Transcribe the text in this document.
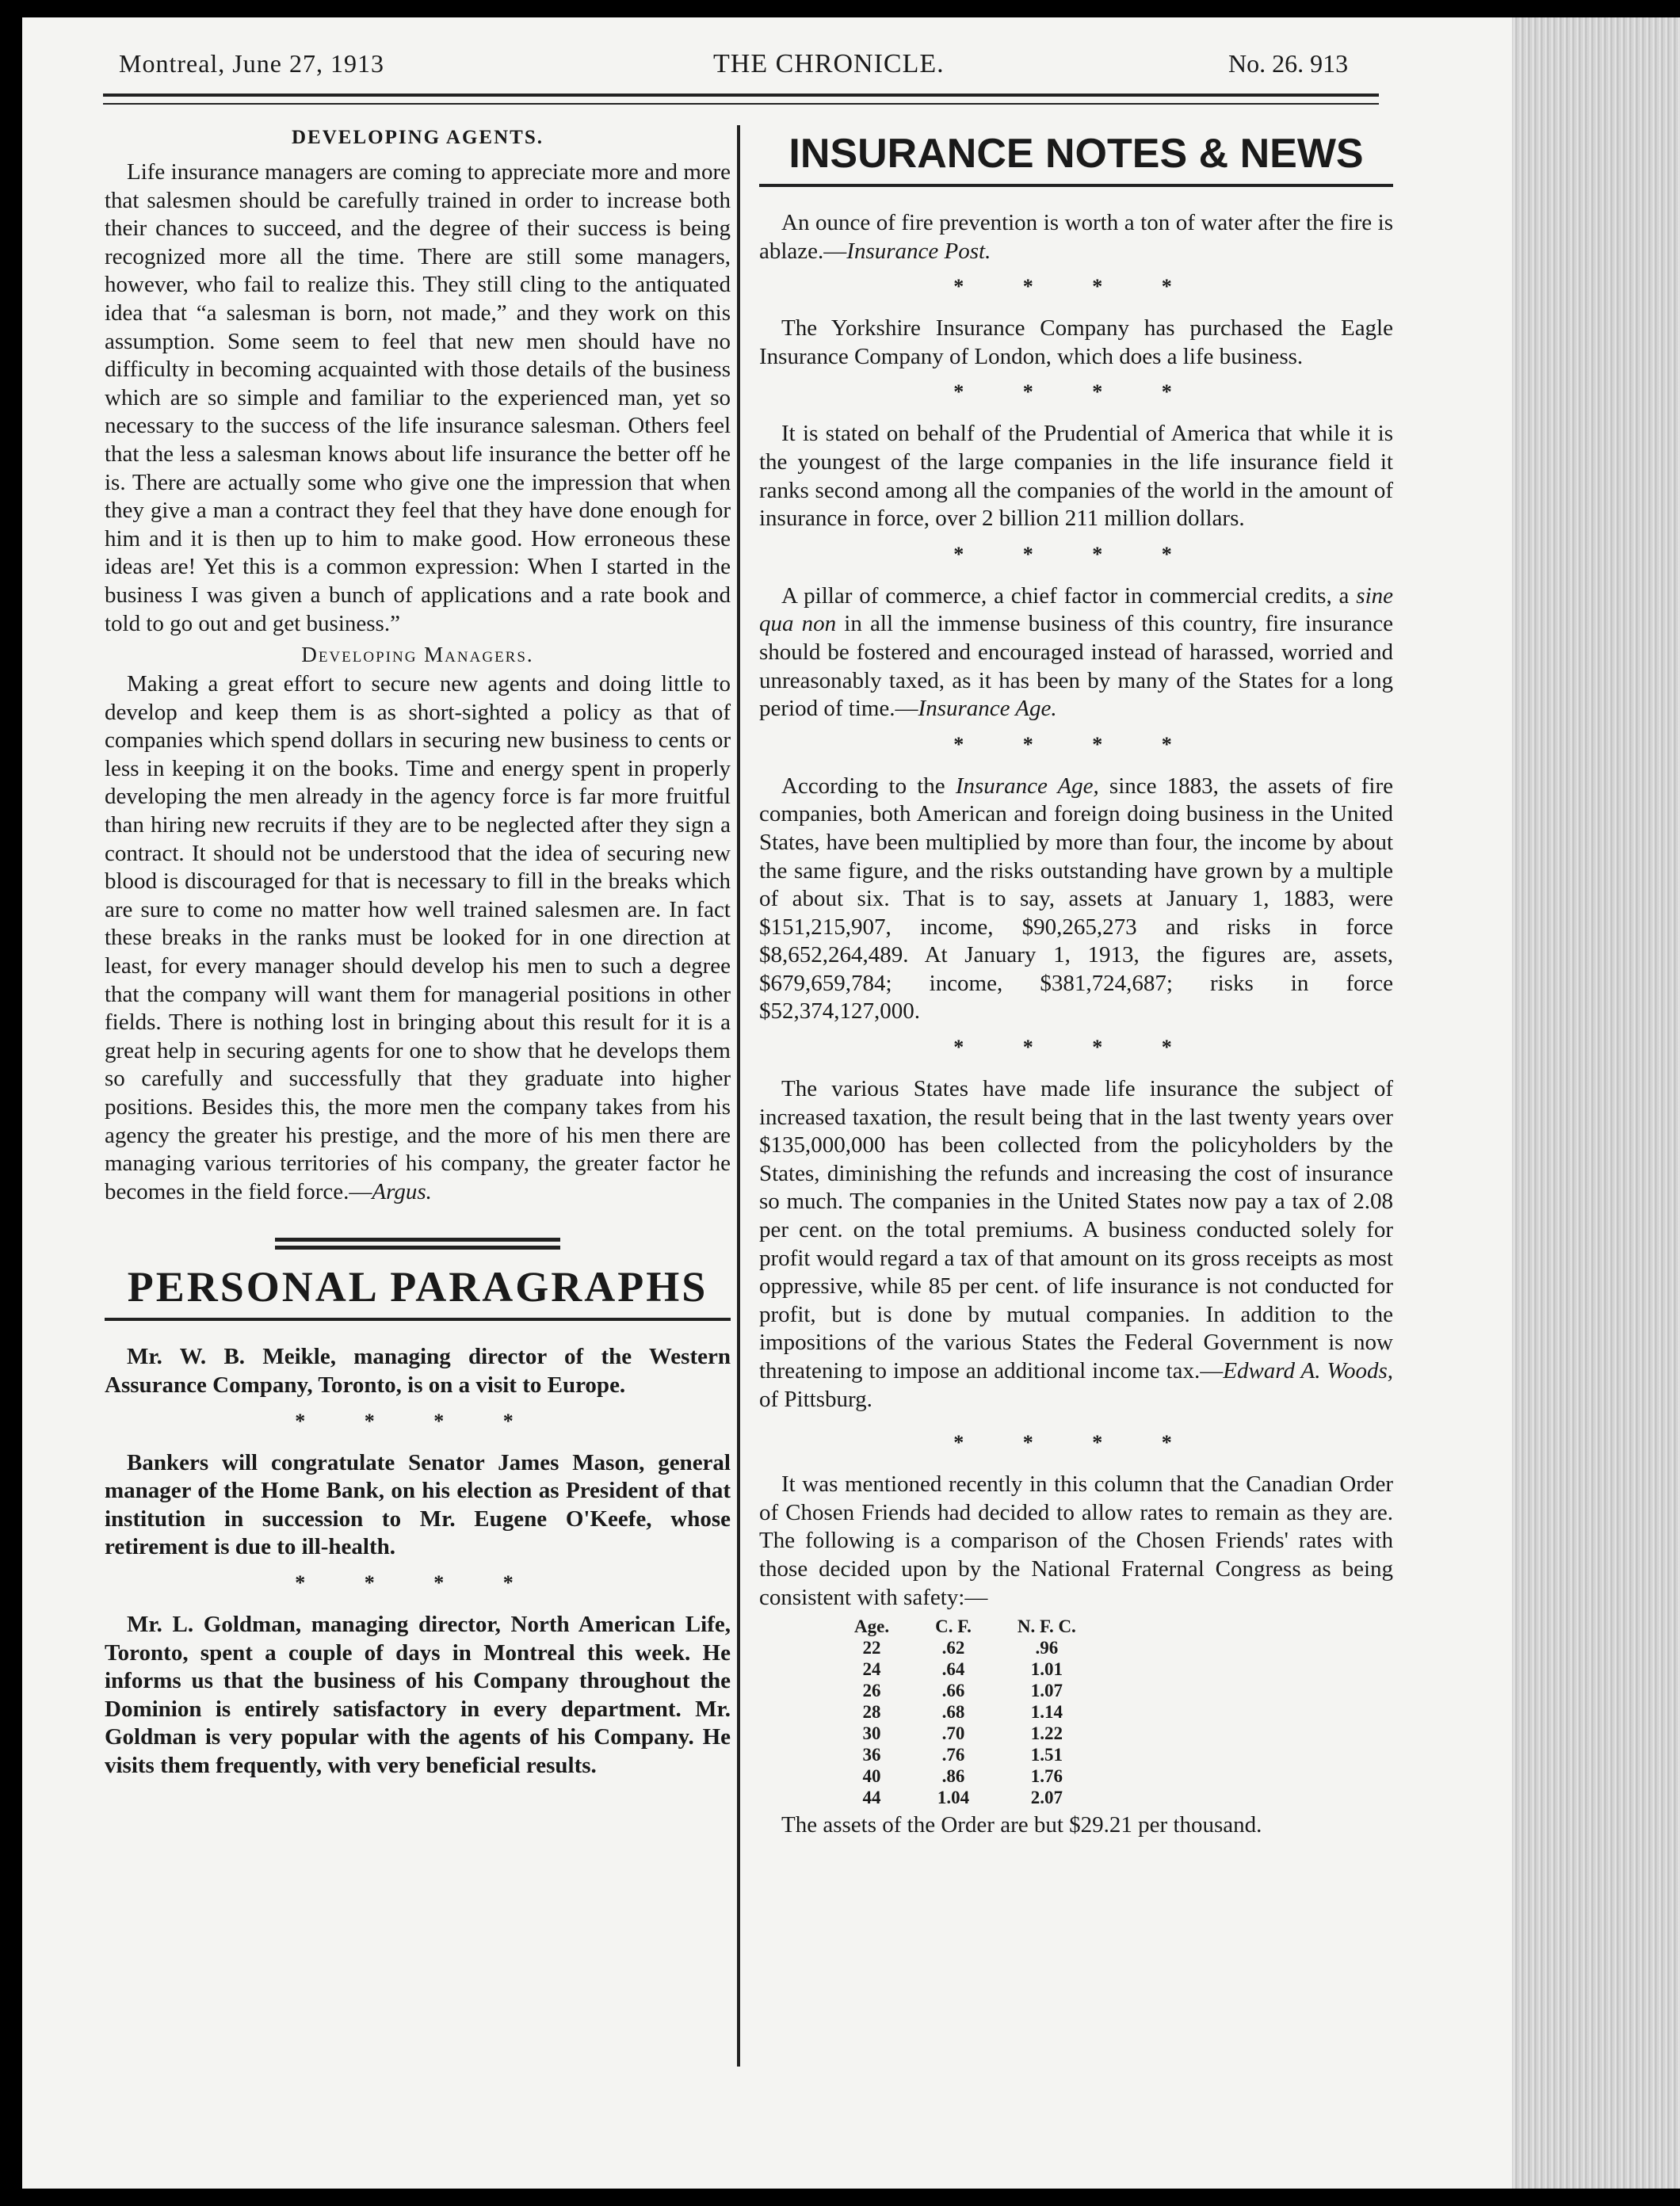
Montreal, June 27, 1913	THE CHRONICLE.	No. 26. 913
DEVELOPING AGENTS.

Life insurance managers are coming to appreciate more and more that salesmen should be carefully trained in order to increase both their chances to succeed, and the degree of their success is being recognized more all the time. There are still some managers, however, who fail to realize this. They still cling to the antiquated idea that “a salesman is born, not made,” and they work on this assumption. Some seem to feel that new men should have no difficulty in becoming acquainted with those details of the business which are so simple and familiar to the experienced man, yet so necessary to the success of the life insurance salesman. Others feel that the less a salesman knows about life insurance the better off he is. There are actually some who give one the impression that when they give a man a contract they feel that they have done enough for him and it is then up to him to make good. How erroneous these ideas are! Yet this is a common expression: When I started in the business I was given a bunch of applications and a rate book and told to go out and get business.”

Developing Managers.

Making a great effort to secure new agents and doing little to develop and keep them is as short-sighted a policy as that of companies which spend dollars in securing new business to cents or less in keeping it on the books. Time and energy spent in properly developing the men already in the agency force is far more fruitful than hiring new recruits if they are to be neglected after they sign a contract. It should not be understood that the idea of securing new blood is discouraged for that is necessary to fill in the breaks which are sure to come no matter how well trained salesmen are. In fact these breaks in the ranks must be looked for in one direction at least, for every manager should develop his men to such a degree that the company will want them for managerial positions in other fields. There is nothing lost in bringing about this result for it is a great help in securing agents for one to show that he develops them so carefully and successfully that they graduate into higher positions. Besides this, the more men the company takes from his agency the greater his prestige, and the more of his men there are managing various territories of his company, the greater factor he becomes in the field force.—Argus.

PERSONAL PARAGRAPHS

Mr. W. B. Meikle, managing director of the Western Assurance Company, Toronto, is on a visit to Europe.

* * * *

Bankers will congratulate Senator James Mason, general manager of the Home Bank, on his election as President of that institution in succession to Mr. Eugene O'Keefe, whose retirement is due to ill-health.

* * * *

Mr. L. Goldman, managing director, North American Life, Toronto, spent a couple of days in Montreal this week. He informs us that the business of his Company throughout the Dominion is entirely satisfactory in every department. Mr. Goldman is very popular with the agents of his Company. He visits them frequently, with very beneficial results.

INSURANCE NOTES & NEWS

An ounce of fire prevention is worth a ton of water after the fire is ablaze.—Insurance Post.

* * * *

The Yorkshire Insurance Company has purchased the Eagle Insurance Company of London, which does a life business.

* * * *

It is stated on behalf of the Prudential of America that while it is the youngest of the large companies in the life insurance field it ranks second among all the companies of the world in the amount of insurance in force, over 2 billion 211 million dollars.

* * * *

A pillar of commerce, a chief factor in commercial credits, a sine qua non in all the immense business of this country, fire insurance should be fostered and encouraged instead of harassed, worried and unreasonably taxed, as it has been by many of the States for a long period of time.—Insurance Age.

* * * *

According to the Insurance Age, since 1883, the assets of fire companies, both American and foreign doing business in the United States, have been multiplied by more than four, the income by about the same figure, and the risks outstanding have grown by a multiple of about six. That is to say, assets at January 1, 1883, were $151,215,907, income, $90,265,273 and risks in force $8,652,264,489. At January 1, 1913, the figures are, assets, $679,659,784; income, $381,724,687; risks in force $52,374,127,000.

* * * *

The various States have made life insurance the subject of increased taxation, the result being that in the last twenty years over $135,000,000 has been collected from the policyholders by the States, diminishing the refunds and increasing the cost of insurance so much. The companies in the United States now pay a tax of 2.08 per cent. on the total premiums. A business conducted solely for profit would regard a tax of that amount on its gross receipts as most oppressive, while 85 per cent. of life insurance is not conducted for profit, but is done by mutual companies. In addition to the impositions of the various States the Federal Government is now threatening to impose an additional income tax.—Edward A. Woods, of Pittsburg.

* * * *

It was mentioned recently in this column that the Canadian Order of Chosen Friends had decided to allow rates to remain as they are. The following is a comparison of the Chosen Friends' rates with those decided upon by the National Fraternal Congress as being consistent with safety:—

Age.	C. F.	N. F. C.
22	.62	.96
24	.64	1.01
26	.66	1.07
28	.68	1.14
30	.70	1.22
36	.76	1.51
40	.86	1.76
44	1.04	2.07

The assets of the Order are but $29.21 per thousand.
